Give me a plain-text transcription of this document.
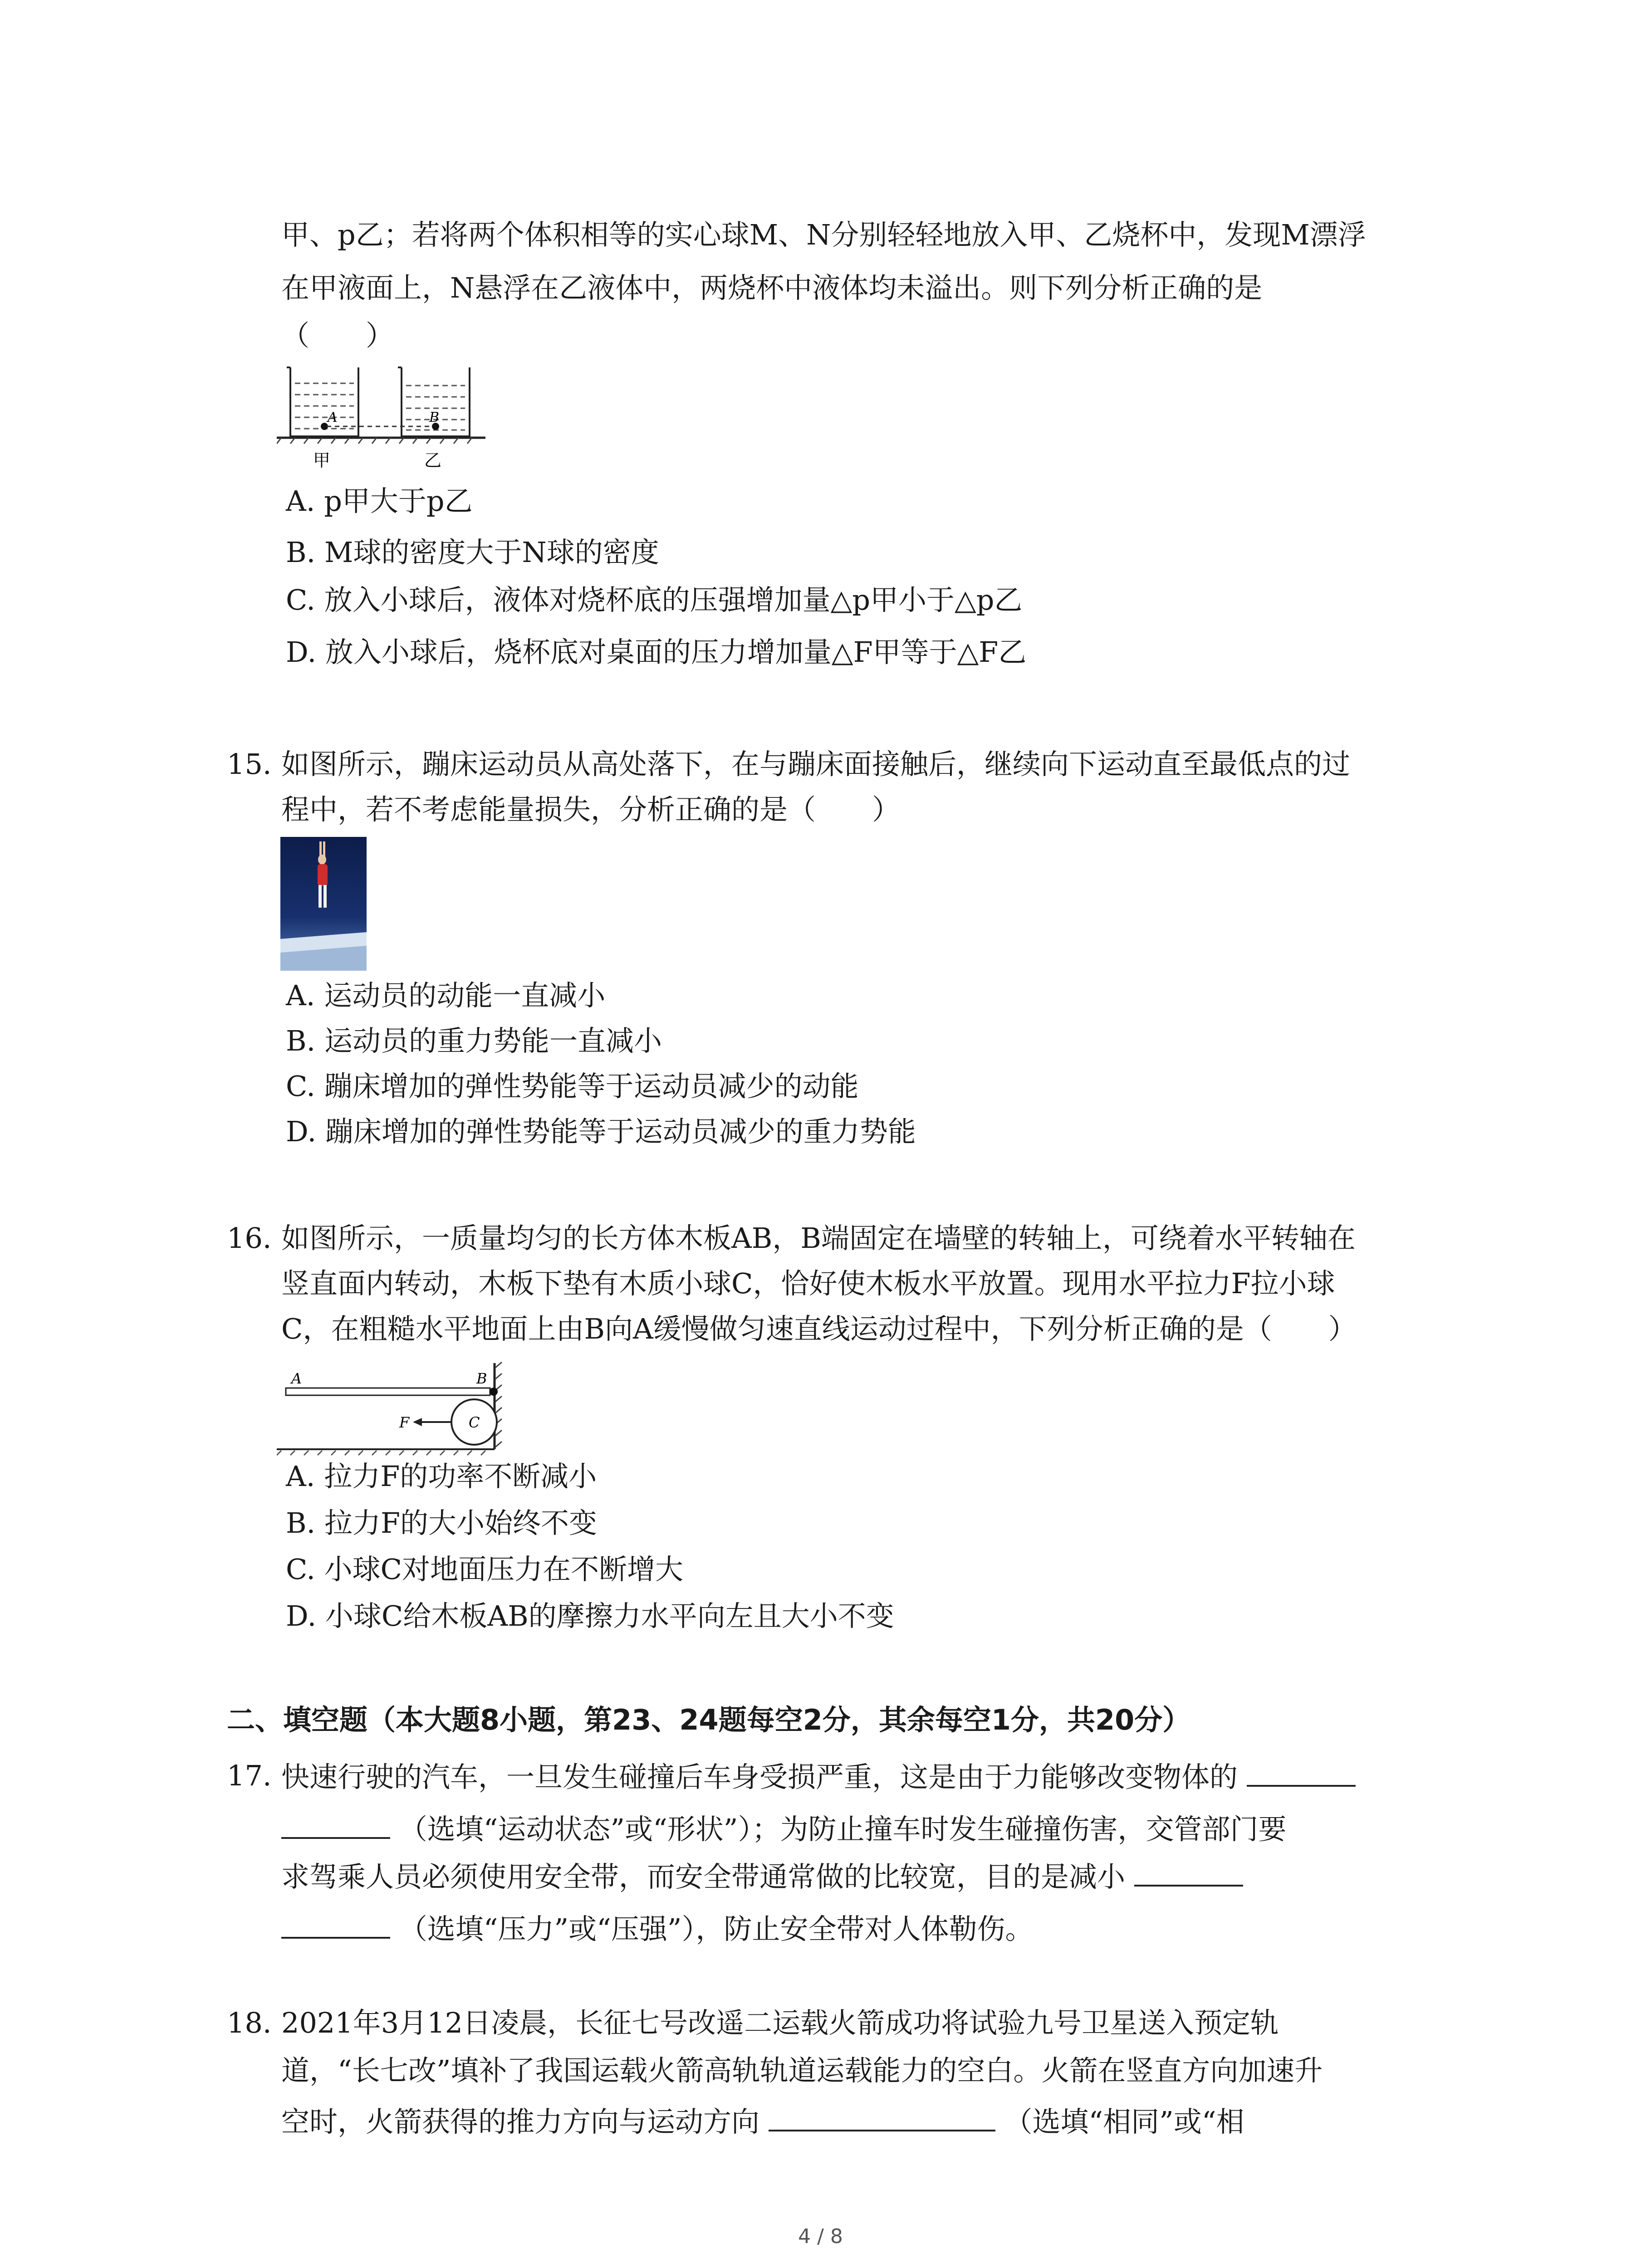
甲、p乙；若将两个体积相等的实心球M、N分别轻轻地放入甲、乙烧杯中，发现M漂浮
在甲液面上，N悬浮在乙液体中，两烧杯中液体均未溢出。则下列分析正确的是
（　　）
A	B
甲	乙
A. p甲大于p乙
B. M球的密度大于N球的密度
C. 放入小球后，液体对烧杯底的压强增加量△p甲小于△p乙
D. 放入小球后，烧杯底对桌面的压力增加量△F甲等于△F乙
15. 如图所示，蹦床运动员从高处落下，在与蹦床面接触后，继续向下运动直至最低点的过
程中，若不考虑能量损失，分析正确的是（　　）
A. 运动员的动能一直减小
B. 运动员的重力势能一直减小
C. 蹦床增加的弹性势能等于运动员减少的动能
D. 蹦床增加的弹性势能等于运动员减少的重力势能
16. 如图所示，一质量均匀的长方体木板AB，B端固定在墙壁的转轴上，可绕着水平转轴在
竖直面内转动，木板下垫有木质小球C，恰好使木板水平放置。现用水平拉力F拉小球
C，在粗糙水平地面上由B向A缓慢做匀速直线运动过程中，下列分析正确的是（　　）
A	B
F	C
A. 拉力F的功率不断减小
B. 拉力F的大小始终不变
C. 小球C对地面压力在不断增大
D. 小球C给木板AB的摩擦力水平向左且大小不变
二、填空题（本大题8小题，第23、24题每空2分，其余每空1分，共20分）
17. 快速行驶的汽车，一旦发生碰撞后车身受损严重，这是由于力能够改变物体的
（选填“运动状态”或“形状”）；为防止撞车时发生碰撞伤害，交管部门要
求驾乘人员必须使用安全带，而安全带通常做的比较宽，目的是减小
（选填“压力”或“压强”），防止安全带对人体勒伤。
18. 2021年3月12日凌晨，长征七号改遥二运载火箭成功将试验九号卫星送入预定轨
道，“长七改”填补了我国运载火箭高轨轨道运载能力的空白。火箭在竖直方向加速升
空时，火箭获得的推力方向与运动方向	（选填“相同”或“相
4 / 8
